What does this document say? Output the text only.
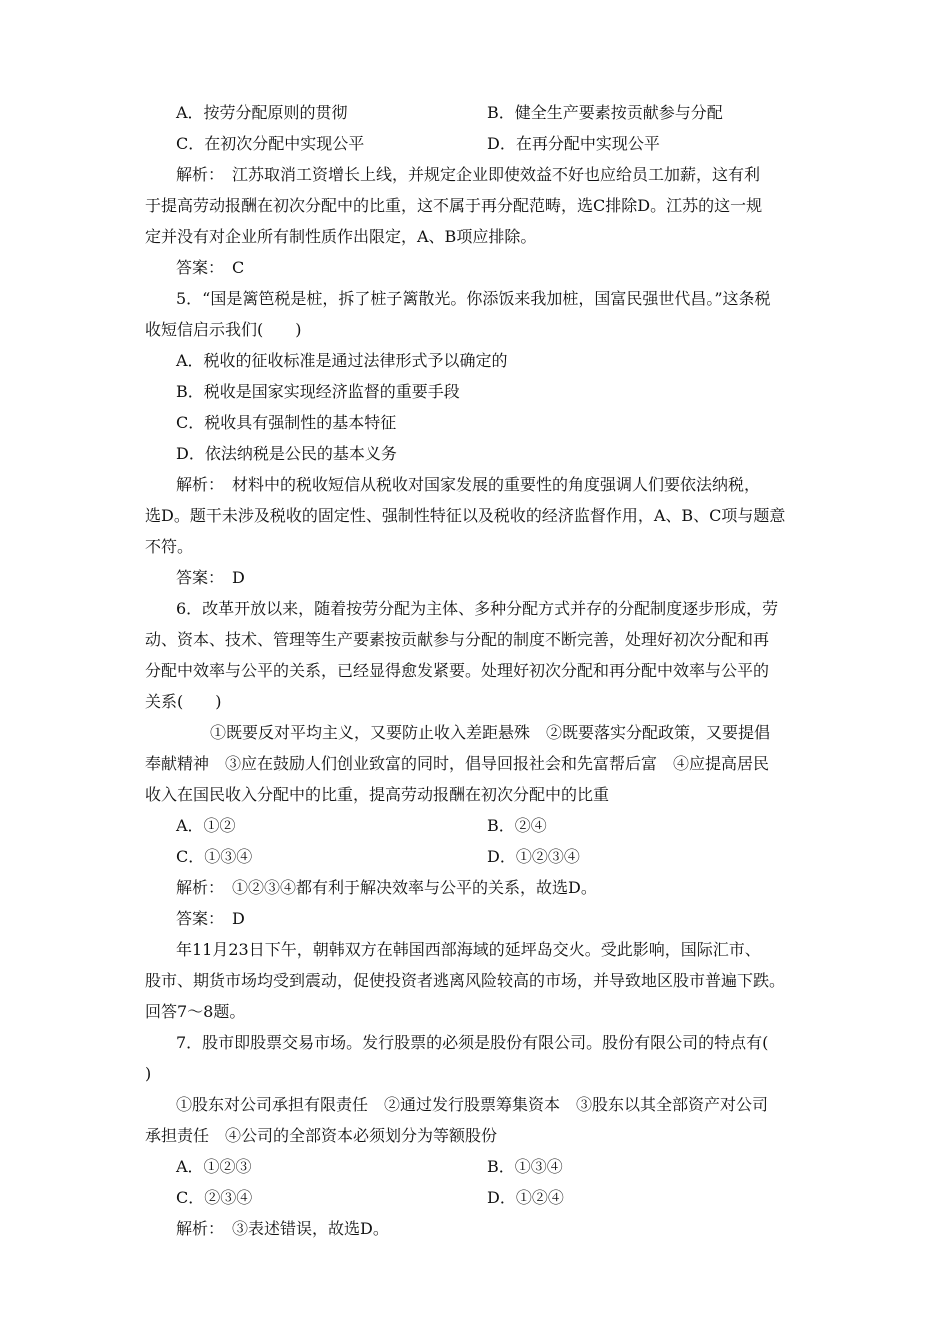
A．按劳分配原则的贯彻	B．健全生产要素按贡献参与分配
C．在初次分配中实现公平	D．在再分配中实现公平
解析：　江苏取消工资增长上线，并规定企业即使效益不好也应给员工加薪，这有利
于提高劳动报酬在初次分配中的比重，这不属于再分配范畴，选C排除D。江苏的这一规
定并没有对企业所有制性质作出限定，A、B项应排除。
答案：　C
5．“国是篱笆税是桩，拆了桩子篱散光。你添饭来我加桩，国富民强世代昌。”这条税
收短信启示我们(　　)
A．税收的征收标准是通过法律形式予以确定的
B．税收是国家实现经济监督的重要手段
C．税收具有强制性的基本特征
D．依法纳税是公民的基本义务
解析：　材料中的税收短信从税收对国家发展的重要性的角度强调人们要依法纳税，
选D。题干未涉及税收的固定性、强制性特征以及税收的经济监督作用，A、B、C项与题意
不符。
答案：　D
6．改革开放以来，随着按劳分配为主体、多种分配方式并存的分配制度逐步形成，劳
动、资本、技术、管理等生产要素按贡献参与分配的制度不断完善，处理好初次分配和再
分配中效率与公平的关系，已经显得愈发紧要。处理好初次分配和再分配中效率与公平的
关系(　　)
①既要反对平均主义，又要防止收入差距悬殊　②既要落实分配政策，又要提倡
奉献精神　③应在鼓励人们创业致富的同时，倡导回报社会和先富帮后富　④应提高居民
收入在国民收入分配中的比重，提高劳动报酬在初次分配中的比重
A．①②	B．②④
C．①③④	D．①②③④
解析：　①②③④都有利于解决效率与公平的关系，故选D。
答案：　D
年11月23日下午，朝韩双方在韩国西部海域的延坪岛交火。受此影响，国际汇市、
股市、期货市场均受到震动，促使投资者逃离风险较高的市场，并导致地区股市普遍下跌。
回答7～8题。
7．股市即股票交易市场。发行股票的必须是股份有限公司。股份有限公司的特点有(
)
①股东对公司承担有限责任　②通过发行股票筹集资本　③股东以其全部资产对公司
承担责任　④公司的全部资本必须划分为等额股份
A．①②③	B．①③④
C．②③④	D．①②④
解析：　③表述错误，故选D。
